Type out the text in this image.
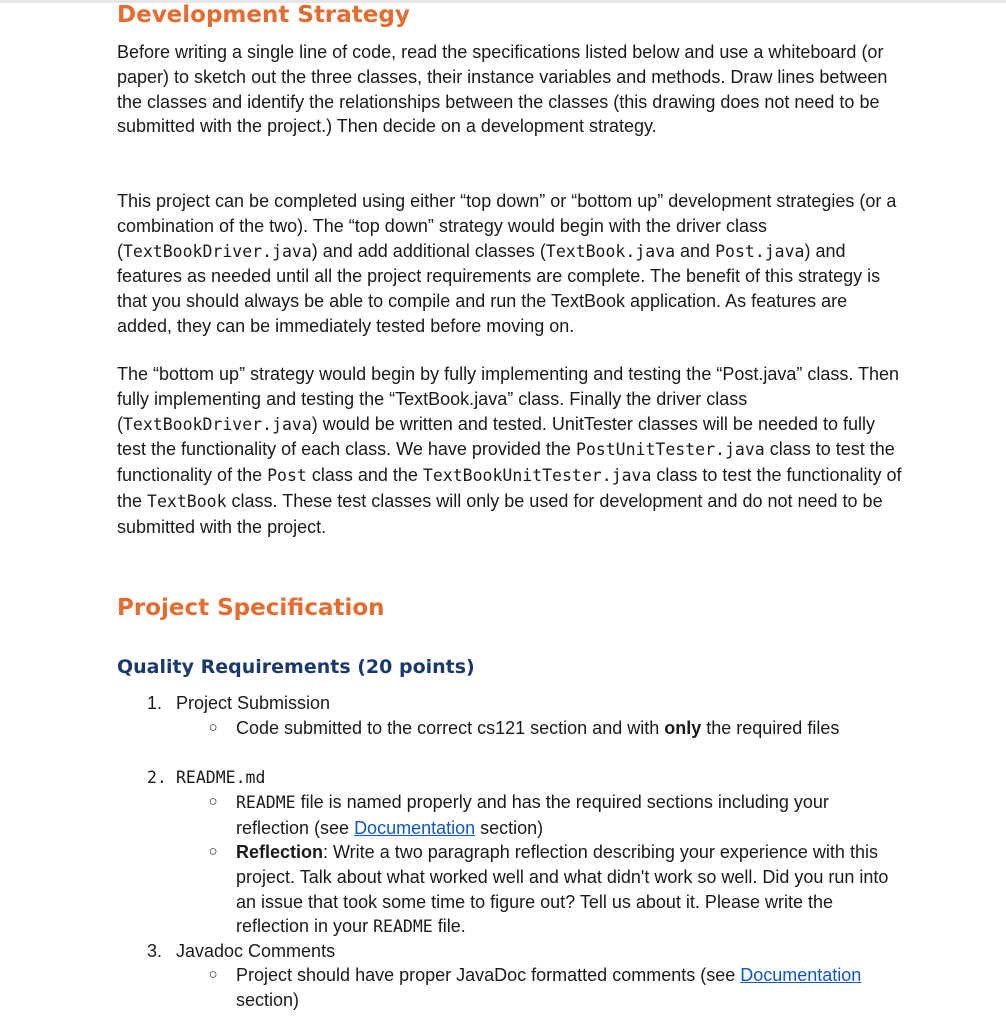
Development Strategy

Before writing a single line of code, read the specifications listed below and use a whiteboard (or paper) to sketch out the three classes, their instance variables and methods. Draw lines between the classes and identify the relationships between the classes (this drawing does not need to be submitted with the project.) Then decide on a development strategy.

This project can be completed using either “top down” or “bottom up” development strategies (or a combination of the two). The “top down” strategy would begin with the driver class (TextBookDriver.java) and add additional classes (TextBook.java and Post.java) and features as needed until all the project requirements are complete. The benefit of this strategy is that you should always be able to compile and run the TextBook application. As features are added, they can be immediately tested before moving on.

The “bottom up” strategy would begin by fully implementing and testing the “Post.java” class. Then fully implementing and testing the “TextBook.java” class. Finally the driver class (TextBookDriver.java) would be written and tested. UnitTester classes will be needed to fully test the functionality of each class. We have provided the PostUnitTester.java class to test the functionality of the Post class and the TextBookUnitTester.java class to test the functionality of the TextBook class. These test classes will only be used for development and do not need to be submitted with the project.

Project Specification
Quality Requirements (20 points)
1. Project Submission
○ Code submitted to the correct cs121 section and with only the required files
2. README.md
○ README file is named properly and has the required sections including your reflection (see Documentation section)
○ Reflection: Write a two paragraph reflection describing your experience with this project. Talk about what worked well and what didn't work so well. Did you run into an issue that took some time to figure out? Tell us about it. Please write the reflection in your README file.
3. Javadoc Comments
○ Project should have proper JavaDoc formatted comments (see Documentation section)
